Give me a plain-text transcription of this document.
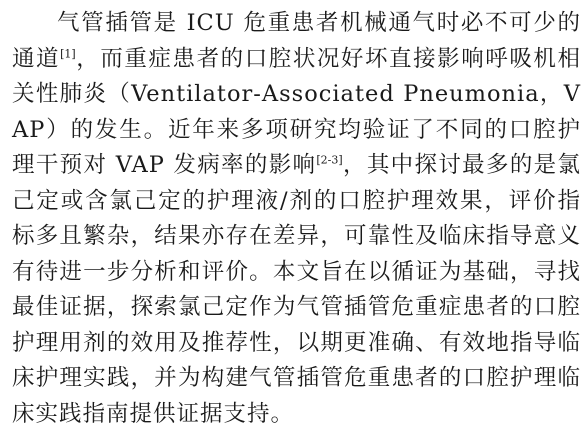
气管插管是 ICU 危重患者机械通气时必不可少的通道[1]，而重症患者的口腔状况好坏直接影响呼吸机相关性肺炎（Ventilator-Associated Pneumonia，VAP）的发生。近年来多项研究均验证了不同的口腔护理干预对 VAP 发病率的影响[2-3]，其中探讨最多的是氯己定或含氯己定的护理液/剂的口腔护理效果，评价指标多且繁杂，结果亦存在差异，可靠性及临床指导意义有待进一步分析和评价。本文旨在以循证为基础，寻找最佳证据，探索氯己定作为气管插管危重症患者的口腔护理用剂的效用及推荐性，以期更准确、有效地指导临床护理实践，并为构建气管插管危重患者的口腔护理临床实践指南提供证据支持。
